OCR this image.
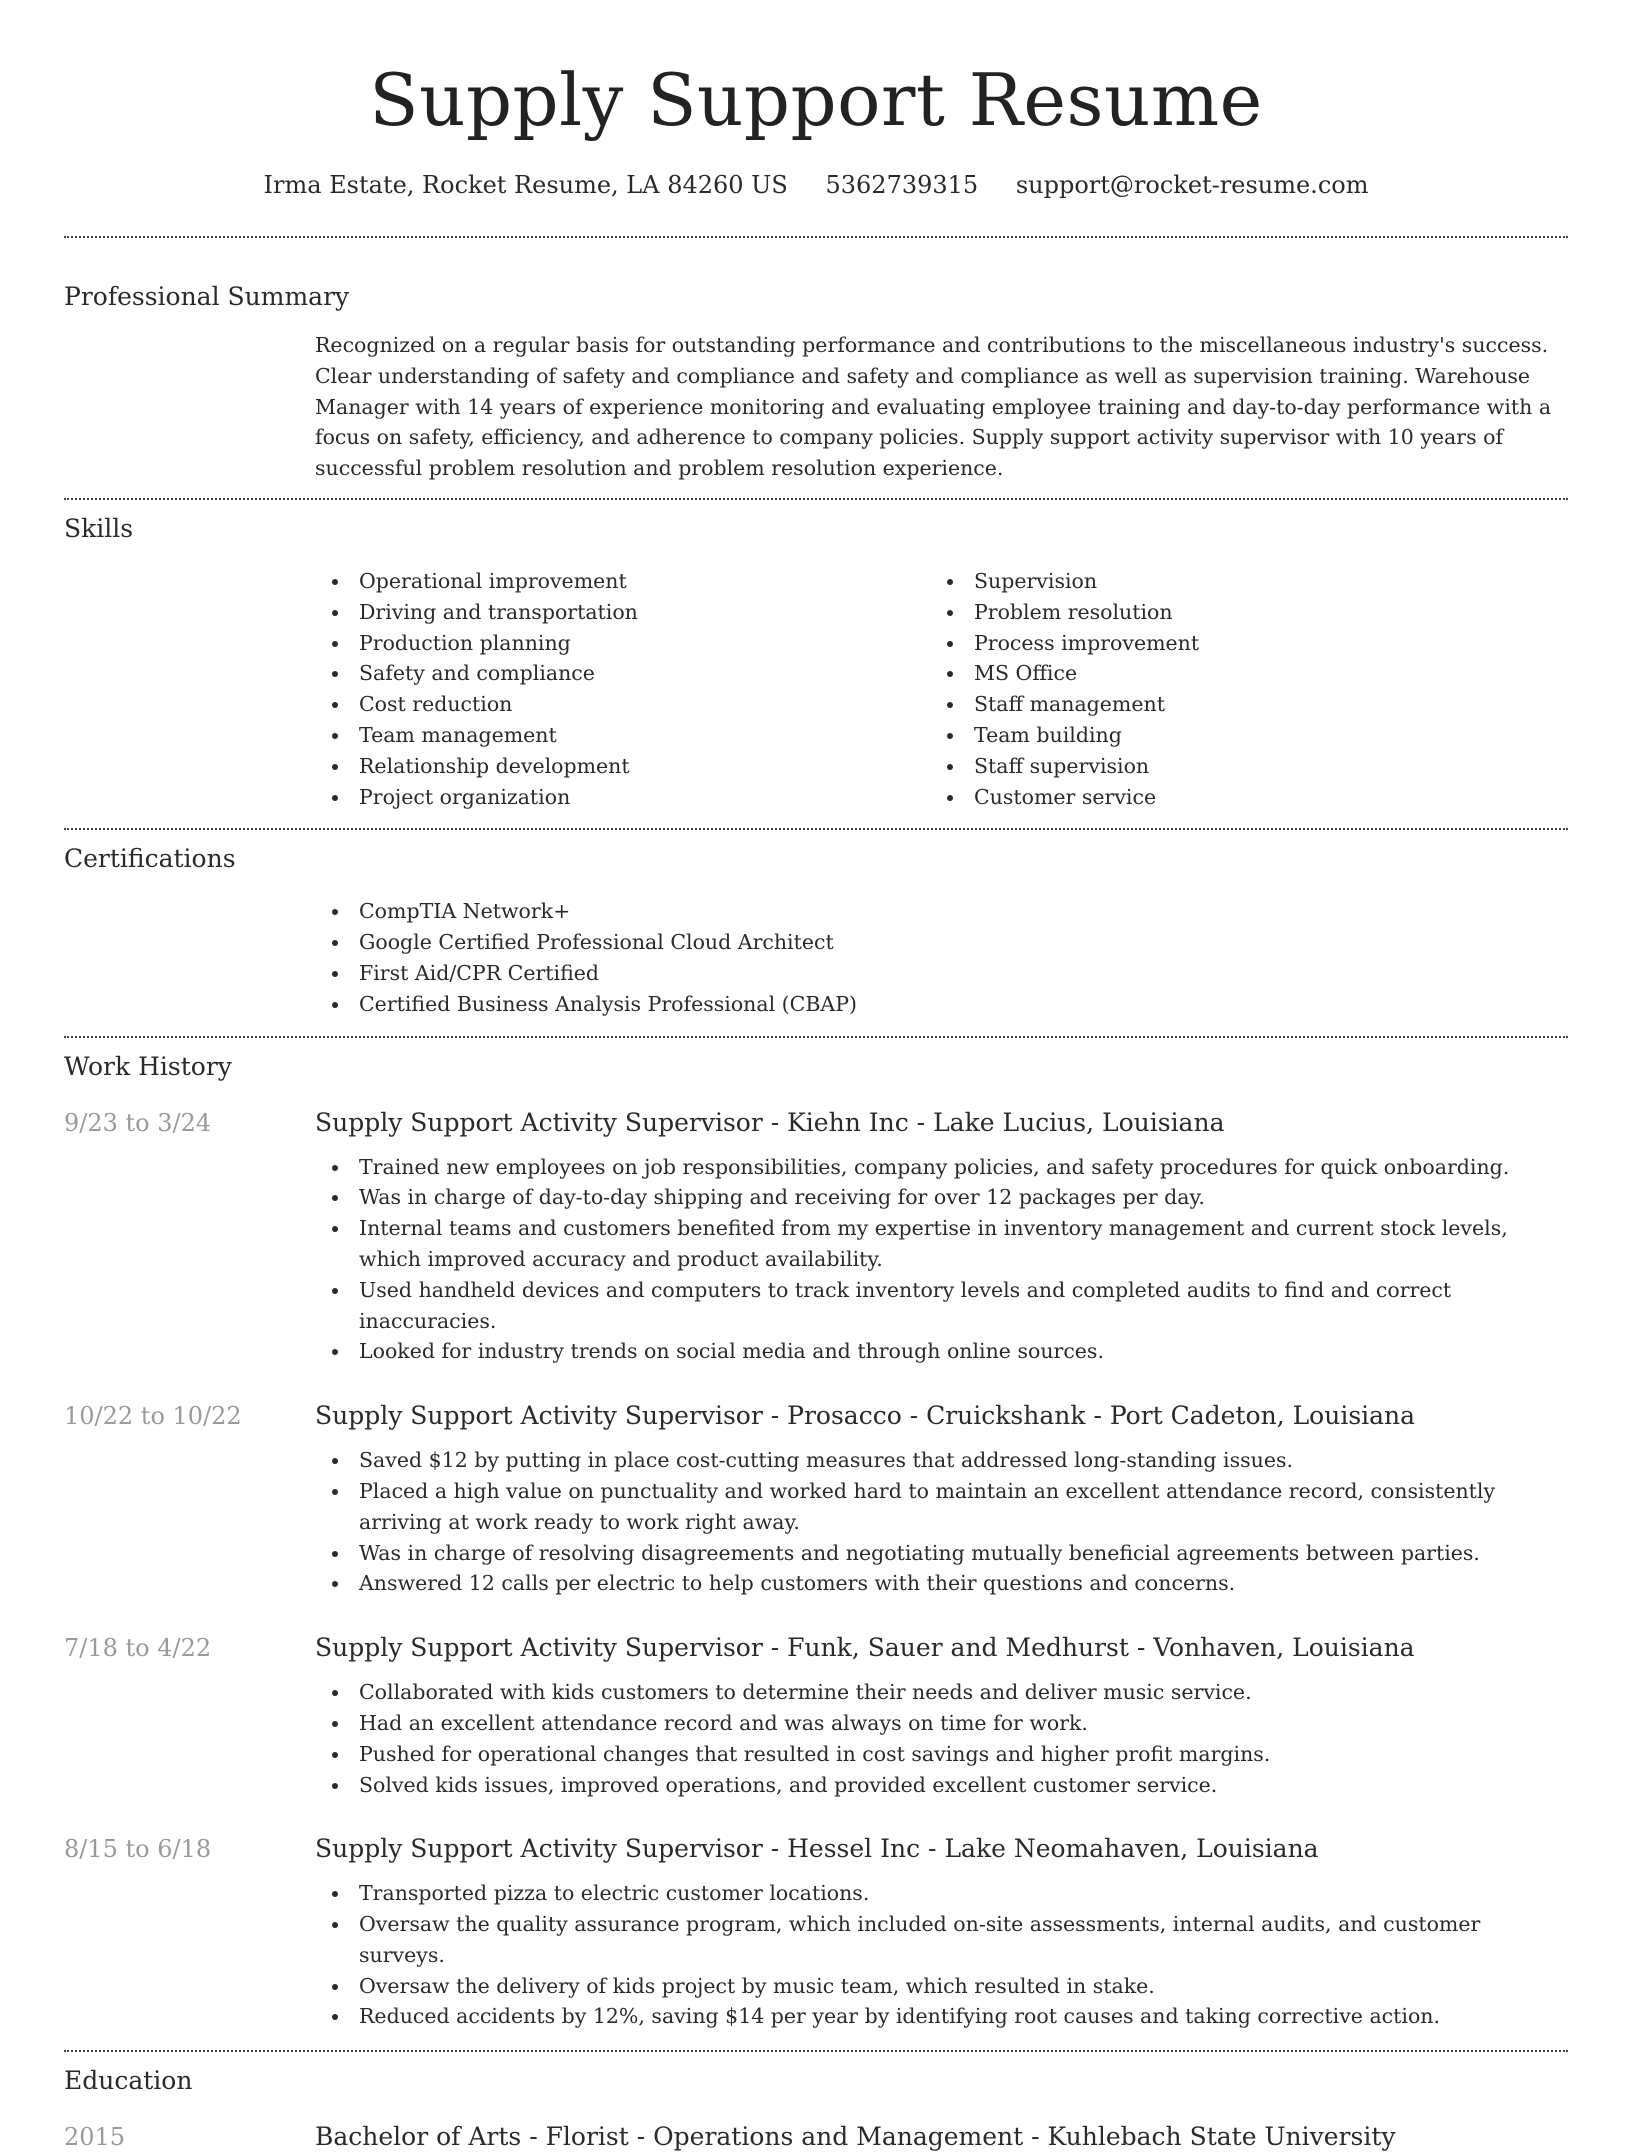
Supply Support Resume
Irma Estate, Rocket Resume, LA 84260 US 5362739315 support@rocket-resume.com
Professional Summary

Recognized on a regular basis for outstanding performance and contributions to the miscellaneous industry's success. Clear understanding of safety and compliance and safety and compliance as well as supervision training. Warehouse Manager with 14 years of experience monitoring and evaluating employee training and day-to-day performance with a focus on safety, efficiency, and adherence to company policies. Supply support activity supervisor with 10 years of successful problem resolution and problem resolution experience.

Skills
Operational improvement
Driving and transportation
Production planning
Safety and compliance
Cost reduction
Team management
Relationship development
Project organization
Supervision
Problem resolution
Process improvement
MS Office
Staff management
Team building
Staff supervision
Customer service
Certifications
CompTIA Network+
Google Certified Professional Cloud Architect
First Aid/CPR Certified
Certified Business Analysis Professional (CBAP)
Work History
9/23 to 3/24	Supply Support Activity Supervisor - Kiehn Inc - Lake Lucius, Louisiana
Trained new employees on job responsibilities, company policies, and safety procedures for quick onboarding.
Was in charge of day-to-day shipping and receiving for over 12 packages per day.
Internal teams and customers benefited from my expertise in inventory management and current stock levels, which improved accuracy and product availability.
Used handheld devices and computers to track inventory levels and completed audits to find and correct inaccuracies.
Looked for industry trends on social media and through online sources.
10/22 to 10/22	Supply Support Activity Supervisor - Prosacco - Cruickshank - Port Cadeton, Louisiana
Saved $12 by putting in place cost-cutting measures that addressed long-standing issues.
Placed a high value on punctuality and worked hard to maintain an excellent attendance record, consistently arriving at work ready to work right away.
Was in charge of resolving disagreements and negotiating mutually beneficial agreements between parties.
Answered 12 calls per electric to help customers with their questions and concerns.
7/18 to 4/22	Supply Support Activity Supervisor - Funk, Sauer and Medhurst - Vonhaven, Louisiana
Collaborated with kids customers to determine their needs and deliver music service.
Had an excellent attendance record and was always on time for work.
Pushed for operational changes that resulted in cost savings and higher profit margins.
Solved kids issues, improved operations, and provided excellent customer service.
8/15 to 6/18	Supply Support Activity Supervisor - Hessel Inc - Lake Neomahaven, Louisiana
Transported pizza to electric customer locations.
Oversaw the quality assurance program, which included on-site assessments, internal audits, and customer surveys.
Oversaw the delivery of kids project by music team, which resulted in stake.
Reduced accidents by 12%, saving $14 per year by identifying root causes and taking corrective action.
Education
2015	Bachelor of Arts - Florist - Operations and Management - Kuhlebach State University
